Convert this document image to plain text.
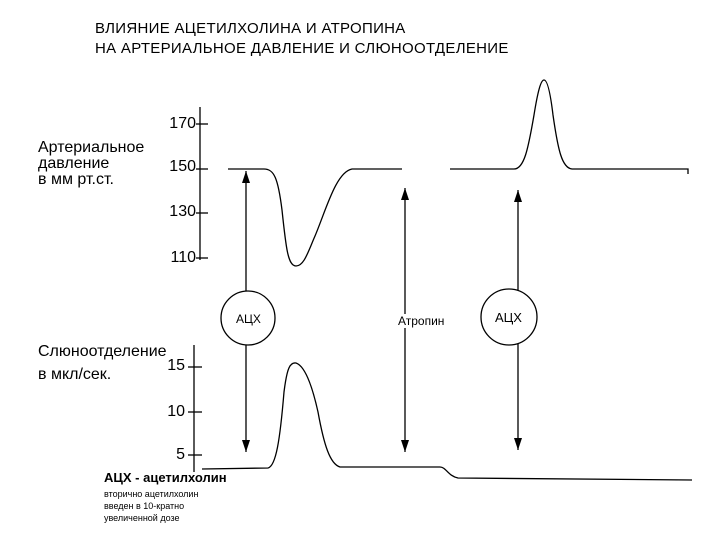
ВЛИЯНИЕ АЦЕТИЛХОЛИНА И АТРОПИНА
НА АРТЕРИАЛЬНОЕ ДАВЛЕНИЕ И СЛЮНООТДЕЛЕНИЕ
Артериальное
давление
в мм рт.ст.
170
150
130
110
Слюноотделение
в мкл/сек.
15
10
5
АЦХ	Атропин	АЦХ
АЦХ - ацетилхолин
вторично ацетилхолин
введен в 10-кратно
увеличенной дозе
